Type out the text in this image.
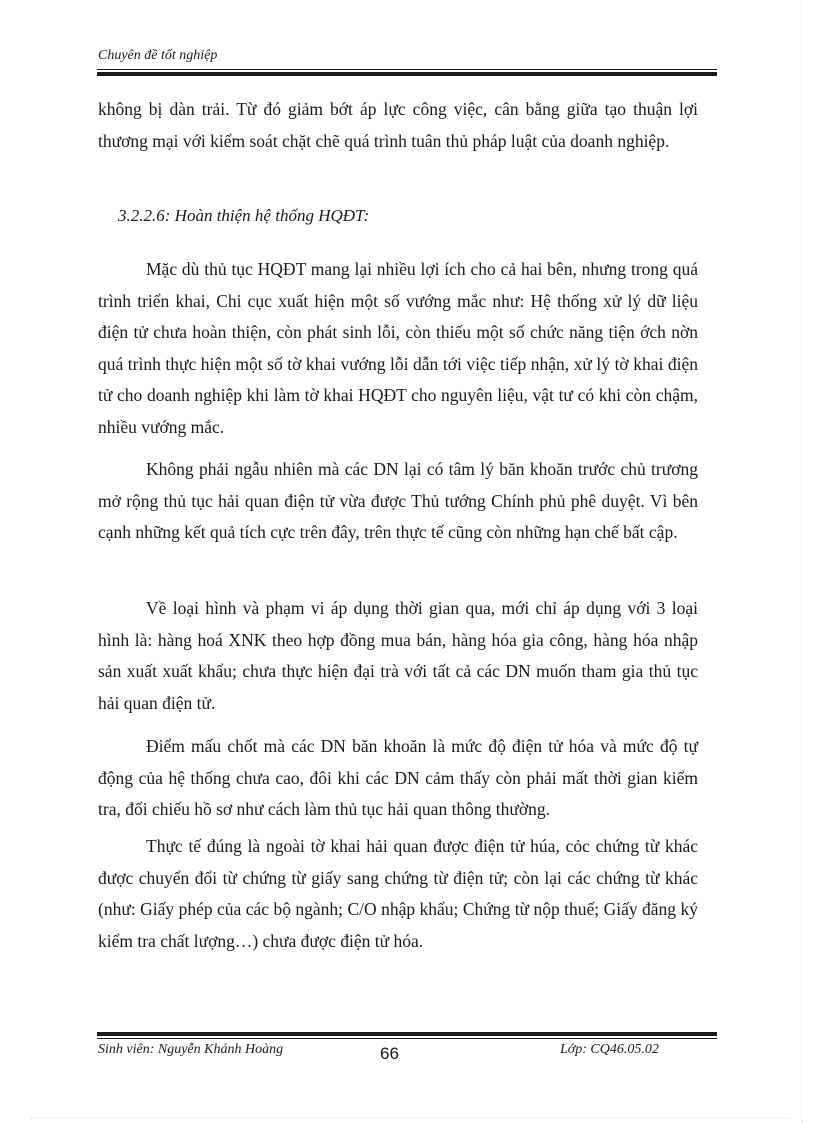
Chuyên đề tốt nghiệp
không bị dàn trải. Từ đó giảm bớt áp lực công việc, cân bằng giữa tạo thuận lợi thương mại với kiểm soát chặt chẽ quá trình tuân thủ pháp luật của doanh nghiệp.
3.2.2.6: Hoàn thiện hệ thống HQĐT:
Mặc dù thủ tục HQĐT mang lại nhiều lợi ích cho cả hai bên, nhưng trong quá trình triển khai, Chi cục xuất hiện một số vướng mắc như: Hệ thống xử lý dữ liệu điện tử chưa hoàn thiện, còn phát sinh lỗi, còn thiếu một số chức năng tiện ớch nờn quá trình thực hiện một số tờ khai vướng lỗi dẫn tới việc tiếp nhận, xử lý tờ khai điện tử cho doanh nghiệp khi làm tờ khai HQĐT cho nguyên liệu, vật tư có khi còn chậm, nhiều vướng mắc.
Không phải ngẫu nhiên mà các DN lại có tâm lý băn khoăn trước chủ trương mở rộng thủ tục hải quan điện tử vừa được Thủ tướng Chính phủ phê duyệt. Vì bên cạnh những kết quả tích cực trên đây, trên thực tế cũng còn những hạn chế bất cập.
Về loại hình và phạm vi áp dụng thời gian qua, mới chỉ áp dụng với 3 loại hình là: hàng hoá XNK theo hợp đồng mua bán, hàng hóa gia công, hàng hóa nhập sản xuất xuất khẩu; chưa thực hiện đại trà với tất cả các DN muốn tham gia thủ tục hải quan điện tử.
Điểm mấu chốt mà các DN băn khoăn là mức độ điện tử hóa và mức độ tự động của hệ thống chưa cao, đôi khi các DN cảm thấy còn phải mất thời gian kiểm tra, đối chiếu hồ sơ như cách làm thủ tục hải quan thông thường.
Thực tế đúng là ngoài tờ khai hải quan được điện tử húa, cỏc chứng từ khác được chuyển đổi từ chứng từ giấy sang chứng từ điện tử; còn lại các chứng từ khác (như: Giấy phép của các bộ ngành; C/O nhập khẩu; Chứng từ nộp thuế; Giấy đăng ký kiểm tra chất lượng…) chưa được điện tử hóa.
Sinh viên: Nguyễn Khánh Hoàng	66	Lớp: CQ46.05.02
